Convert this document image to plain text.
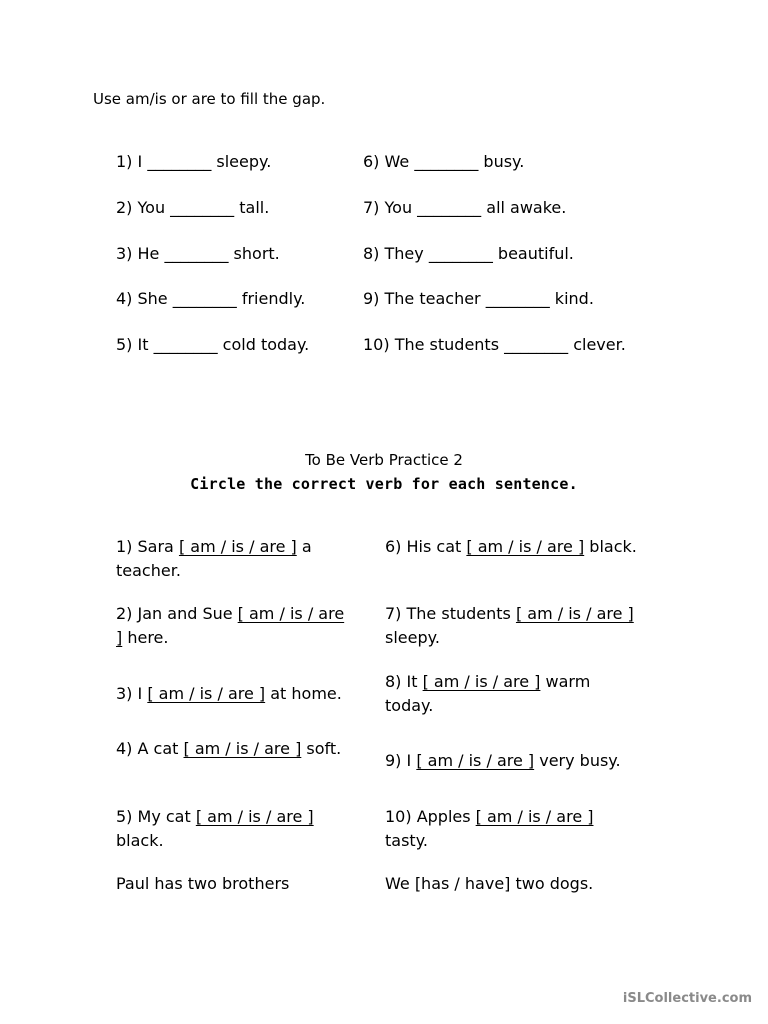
Use am/is or are to fill the gap.
1) I ________ sleepy.
2) You ________ tall.
3) He ________ short.
4) She ________ friendly.
5) It ________ cold today.
6) We ________ busy.
7) You ________ all awake.
8) They ________ beautiful.
9) The teacher ________ kind.
10) The students ________ clever.
To Be Verb Practice 2
Circle the correct verb for each sentence.
1) Sara [ am / is / are ] a teacher.
6) His cat [ am / is / are ] black.
2) Jan and Sue [ am / is / are ] here.
7) The students [ am / is / are ] sleepy.
3) I [ am / is / are ] at home.
8) It [ am / is / are ] warm today.
4) A cat [ am / is / are ] soft.
9) I [ am / is / are ] very busy.
5) My cat [ am / is / are ] black.
10) Apples [ am / is / are ] tasty.
Paul has two brothers	We [has / have] two dogs.
iSLCollective.com
